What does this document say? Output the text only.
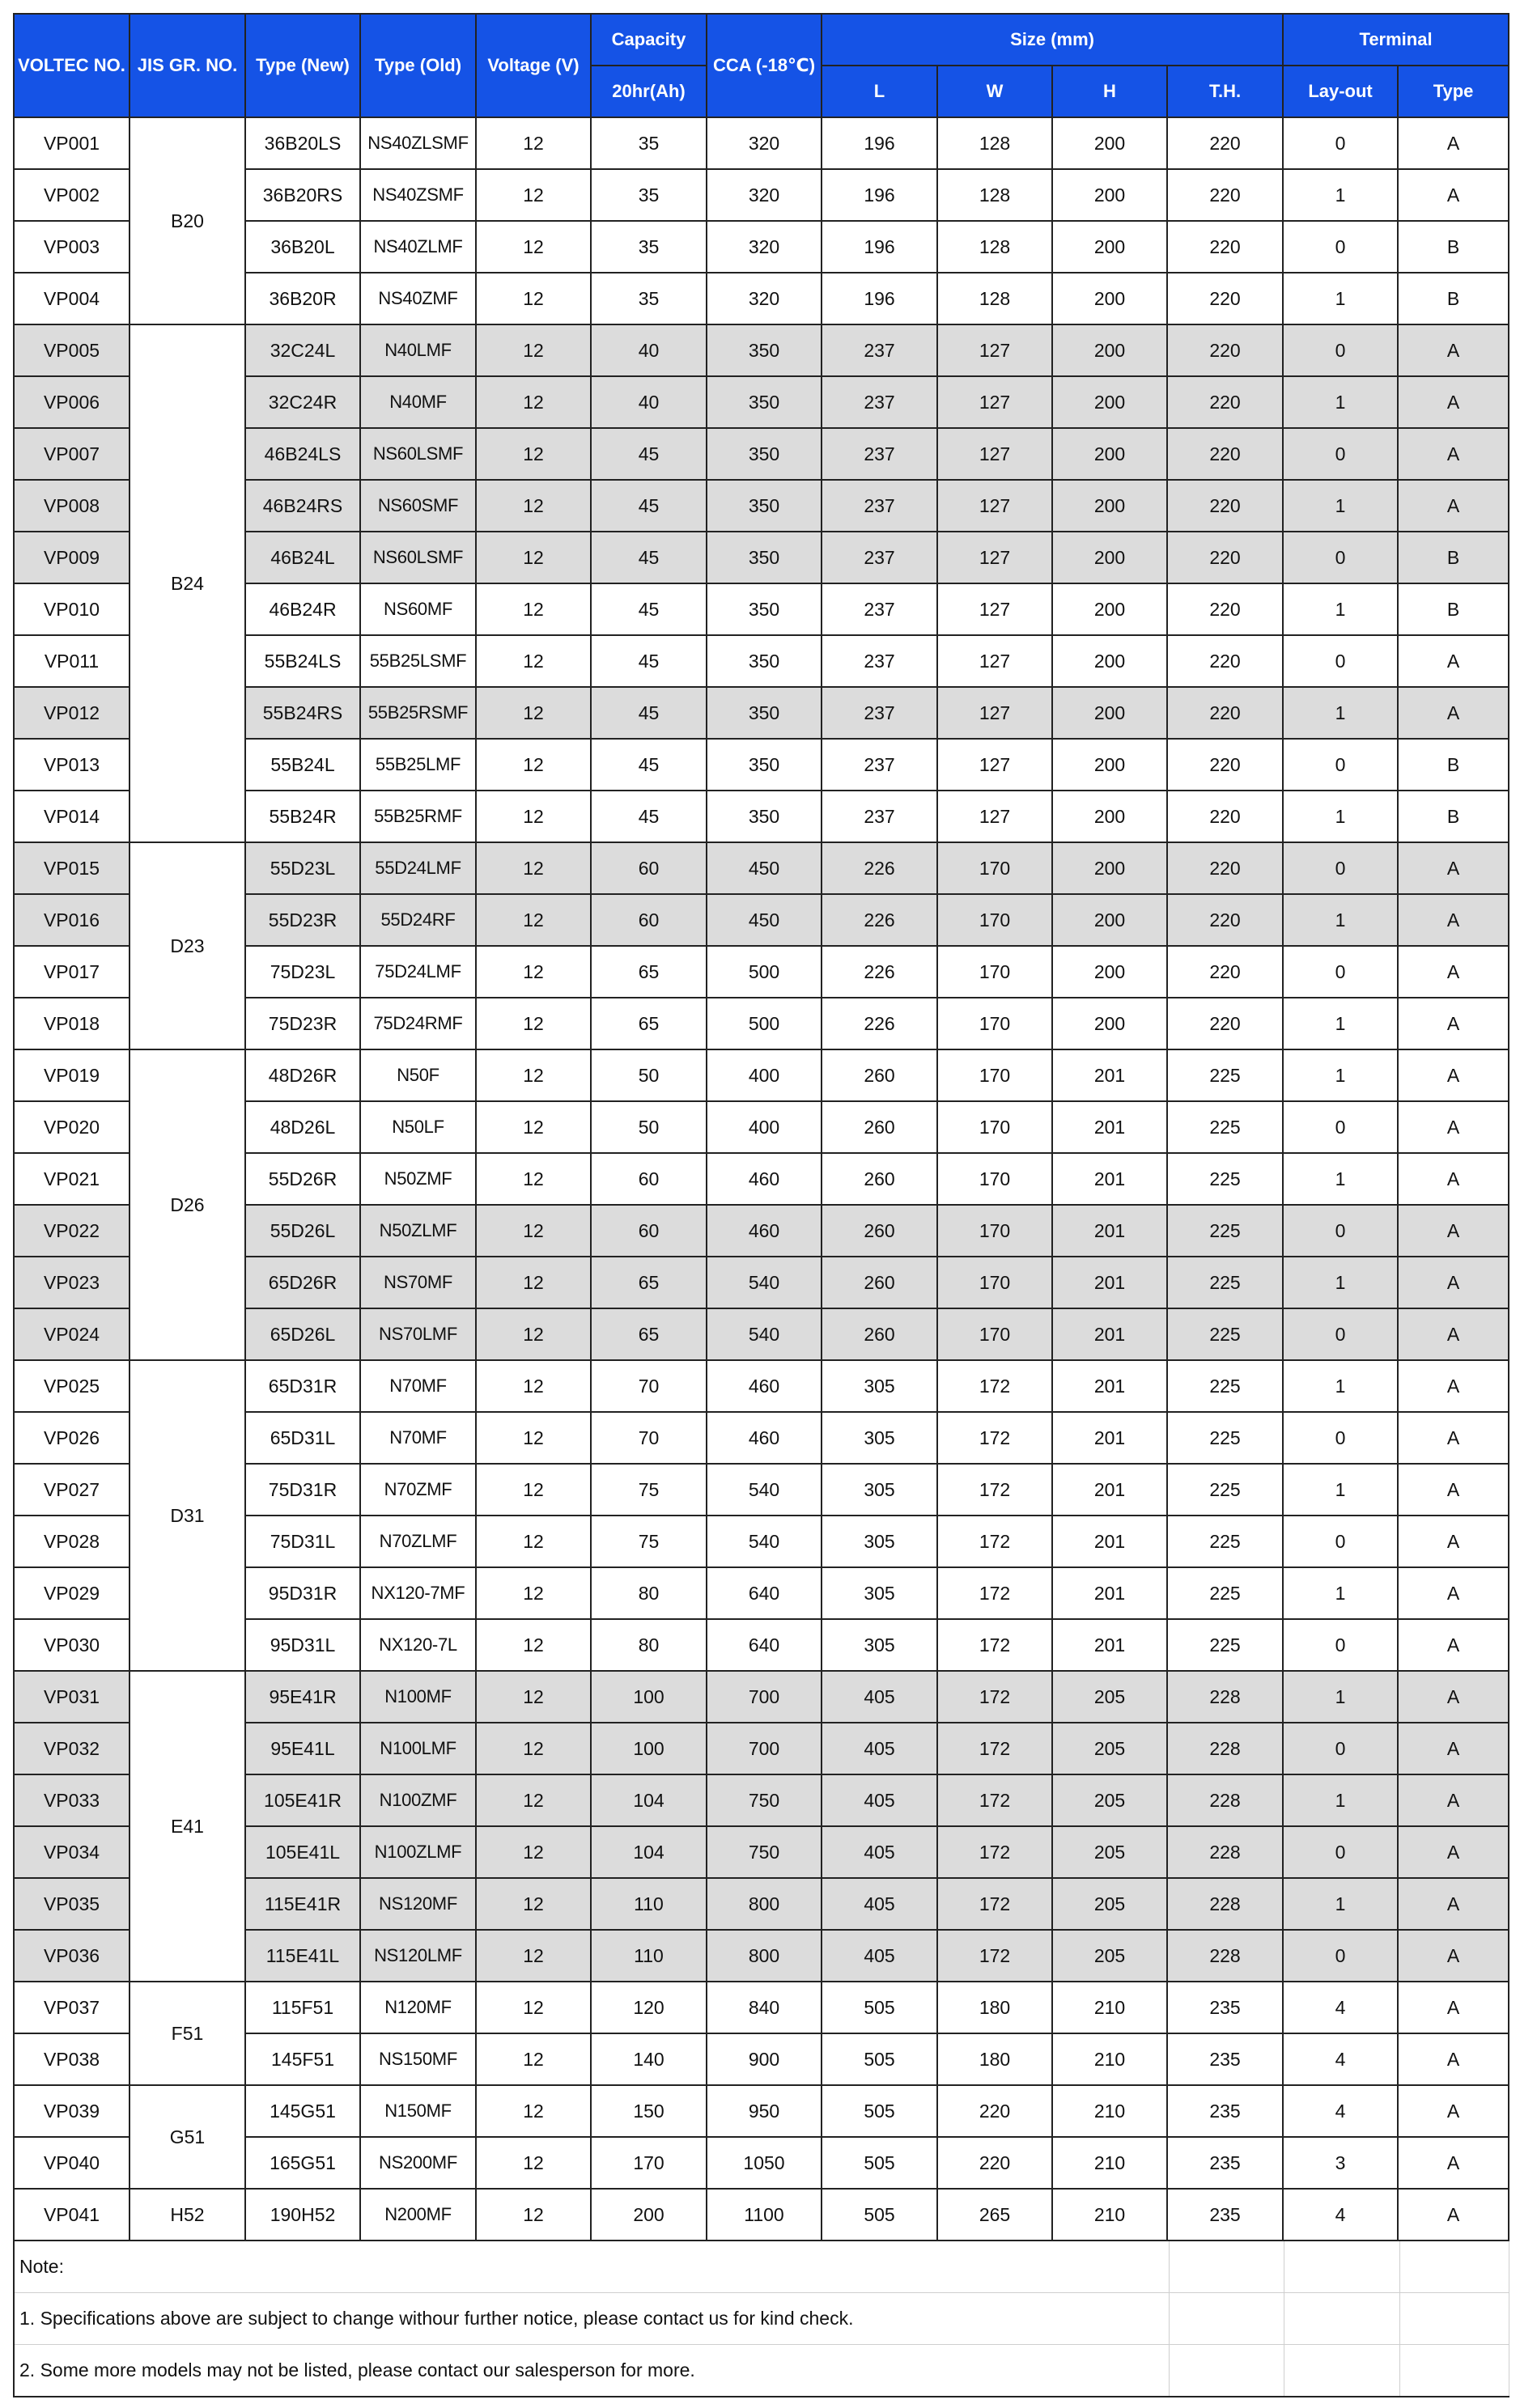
VOLTEC NO.	JIS GR. NO.	Type (New)	Type (Old)	Voltage (V)	Capacity	CCA (-18℃)	Size (mm)				Terminal	
					20hr(Ah)		L	W	H	T.H.	Lay-out	Type
VP001	B20	36B20LS	NS40ZLSMF	12	35	320	196	128	200	220	0	A
VP002		36B20RS	NS40ZSMF	12	35	320	196	128	200	220	1	A
VP003		36B20L	NS40ZLMF	12	35	320	196	128	200	220	0	B
VP004		36B20R	NS40ZMF	12	35	320	196	128	200	220	1	B
VP005	B24	32C24L	N40LMF	12	40	350	237	127	200	220	0	A
VP006		32C24R	N40MF	12	40	350	237	127	200	220	1	A
VP007		46B24LS	NS60LSMF	12	45	350	237	127	200	220	0	A
VP008		46B24RS	NS60SMF	12	45	350	237	127	200	220	1	A
VP009		46B24L	NS60LSMF	12	45	350	237	127	200	220	0	B
VP010		46B24R	NS60MF	12	45	350	237	127	200	220	1	B
VP011		55B24LS	55B25LSMF	12	45	350	237	127	200	220	0	A
VP012		55B24RS	55B25RSMF	12	45	350	237	127	200	220	1	A
VP013		55B24L	55B25LMF	12	45	350	237	127	200	220	0	B
VP014		55B24R	55B25RMF	12	45	350	237	127	200	220	1	B
VP015	D23	55D23L	55D24LMF	12	60	450	226	170	200	220	0	A
VP016		55D23R	55D24RF	12	60	450	226	170	200	220	1	A
VP017		75D23L	75D24LMF	12	65	500	226	170	200	220	0	A
VP018		75D23R	75D24RMF	12	65	500	226	170	200	220	1	A
VP019	D26	48D26R	N50F	12	50	400	260	170	201	225	1	A
VP020		48D26L	N50LF	12	50	400	260	170	201	225	0	A
VP021		55D26R	N50ZMF	12	60	460	260	170	201	225	1	A
VP022		55D26L	N50ZLMF	12	60	460	260	170	201	225	0	A
VP023		65D26R	NS70MF	12	65	540	260	170	201	225	1	A
VP024		65D26L	NS70LMF	12	65	540	260	170	201	225	0	A
VP025	D31	65D31R	N70MF	12	70	460	305	172	201	225	1	A
VP026		65D31L	N70MF	12	70	460	305	172	201	225	0	A
VP027		75D31R	N70ZMF	12	75	540	305	172	201	225	1	A
VP028		75D31L	N70ZLMF	12	75	540	305	172	201	225	0	A
VP029		95D31R	NX120-7MF	12	80	640	305	172	201	225	1	A
VP030		95D31L	NX120-7L	12	80	640	305	172	201	225	0	A
VP031	E41	95E41R	N100MF	12	100	700	405	172	205	228	1	A
VP032		95E41L	N100LMF	12	100	700	405	172	205	228	0	A
VP033		105E41R	N100ZMF	12	104	750	405	172	205	228	1	A
VP034		105E41L	N100ZLMF	12	104	750	405	172	205	228	0	A
VP035		115E41R	NS120MF	12	110	800	405	172	205	228	1	A
VP036		115E41L	NS120LMF	12	110	800	405	172	205	228	0	A
VP037	F51	115F51	N120MF	12	120	840	505	180	210	235	4	A
VP038		145F51	NS150MF	12	140	900	505	180	210	235	4	A
VP039	G51	145G51	N150MF	12	150	950	505	220	210	235	4	A
VP040		165G51	NS200MF	12	170	1050	505	220	210	235	3	A
VP041	H52	190H52	N200MF	12	200	1100	505	265	210	235	4	A
Note:			
1. Specifications above are subject to change withour further notice, please contact us for kind check.			
2. Some more models may not be listed, please contact our salesperson for more.			
